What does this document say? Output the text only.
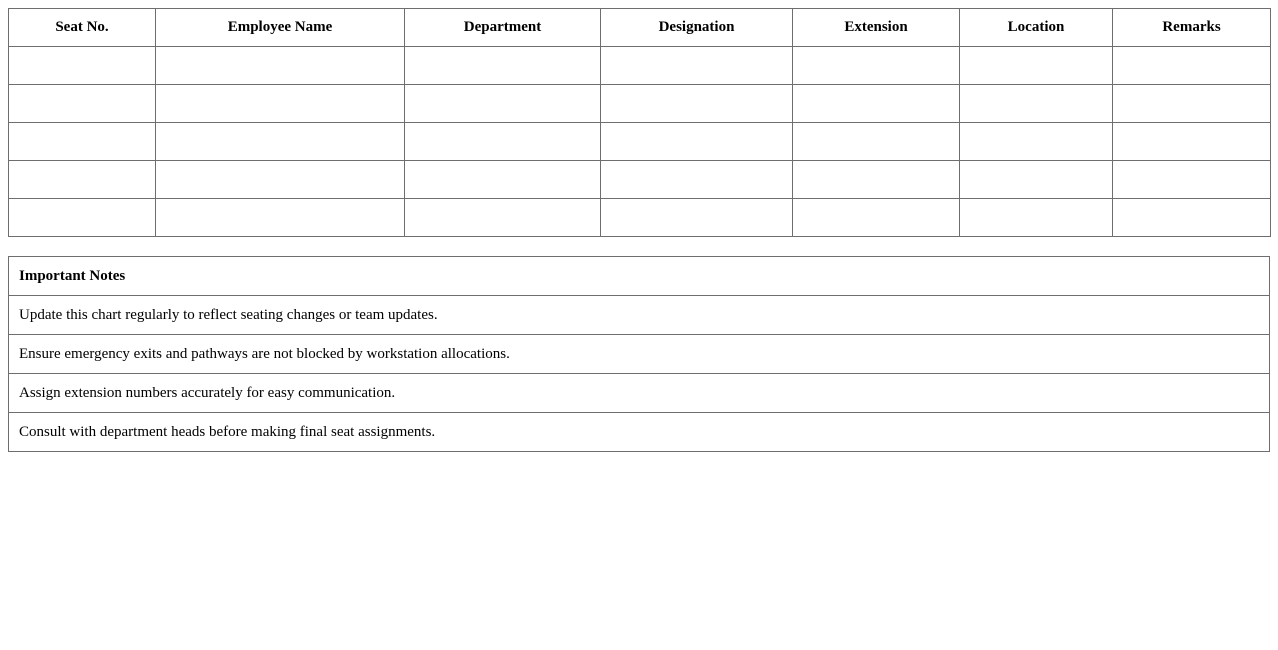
Seat No.	Employee Name	Department	Designation	Extension	Location	Remarks

Important Notes
Update this chart regularly to reflect seating changes or team updates.
Ensure emergency exits and pathways are not blocked by workstation allocations.
Assign extension numbers accurately for easy communication.
Consult with department heads before making final seat assignments.
